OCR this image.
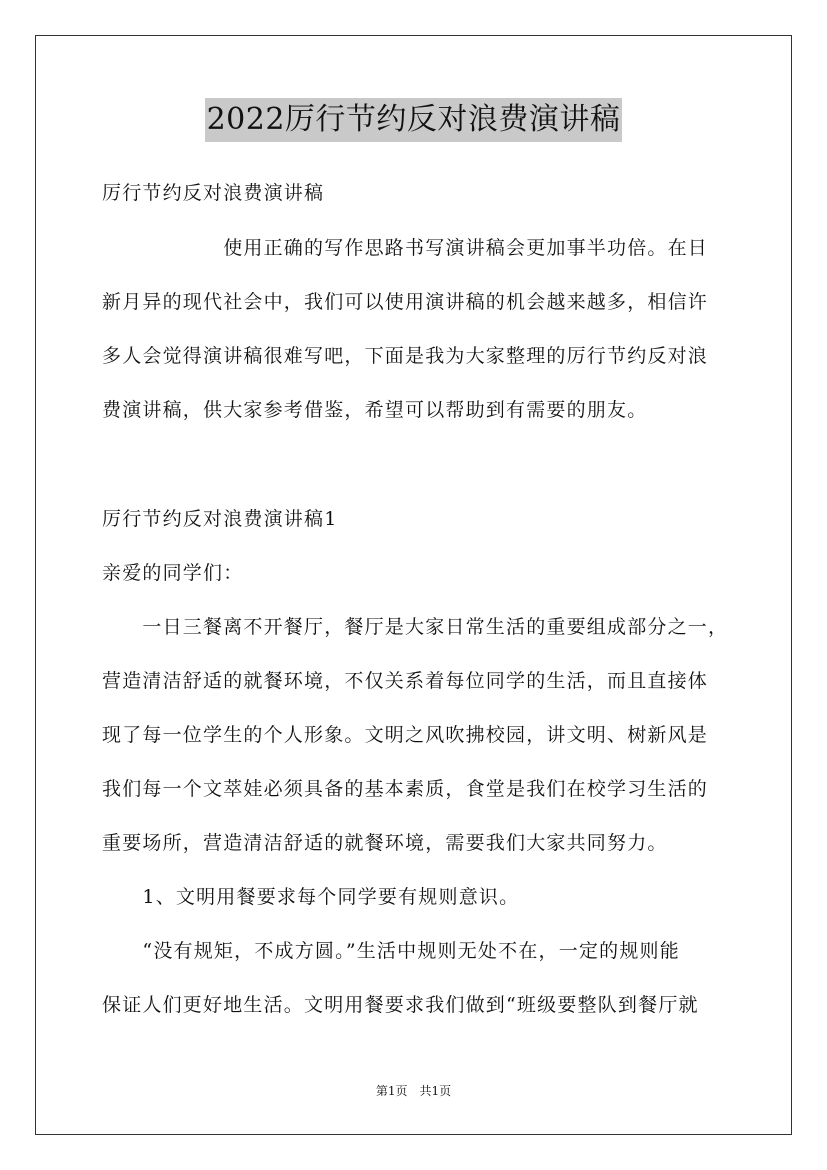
2022厉行节约反对浪费演讲稿
厉行节约反对浪费演讲稿
　　　　　　使用正确的写作思路书写演讲稿会更加事半功倍。在日
新月异的现代社会中，我们可以使用演讲稿的机会越来越多，相信许
多人会觉得演讲稿很难写吧，下面是我为大家整理的厉行节约反对浪
费演讲稿，供大家参考借鉴，希望可以帮助到有需要的朋友。
厉行节约反对浪费演讲稿1
亲爱的同学们：
　　一日三餐离不开餐厅，餐厅是大家日常生活的重要组成部分之一，
营造清洁舒适的就餐环境，不仅关系着每位同学的生活，而且直接体
现了每一位学生的个人形象。文明之风吹拂校园，讲文明、树新风是
我们每一个文萃娃必须具备的基本素质，食堂是我们在校学习生活的
重要场所，营造清洁舒适的就餐环境，需要我们大家共同努力。
　　1、文明用餐要求每个同学要有规则意识。
　　“没有规矩，不成方圆。”生活中规则无处不在，一定的规则能
保证人们更好地生活。文明用餐要求我们做到“班级要整队到餐厅就
第1页　共1页
